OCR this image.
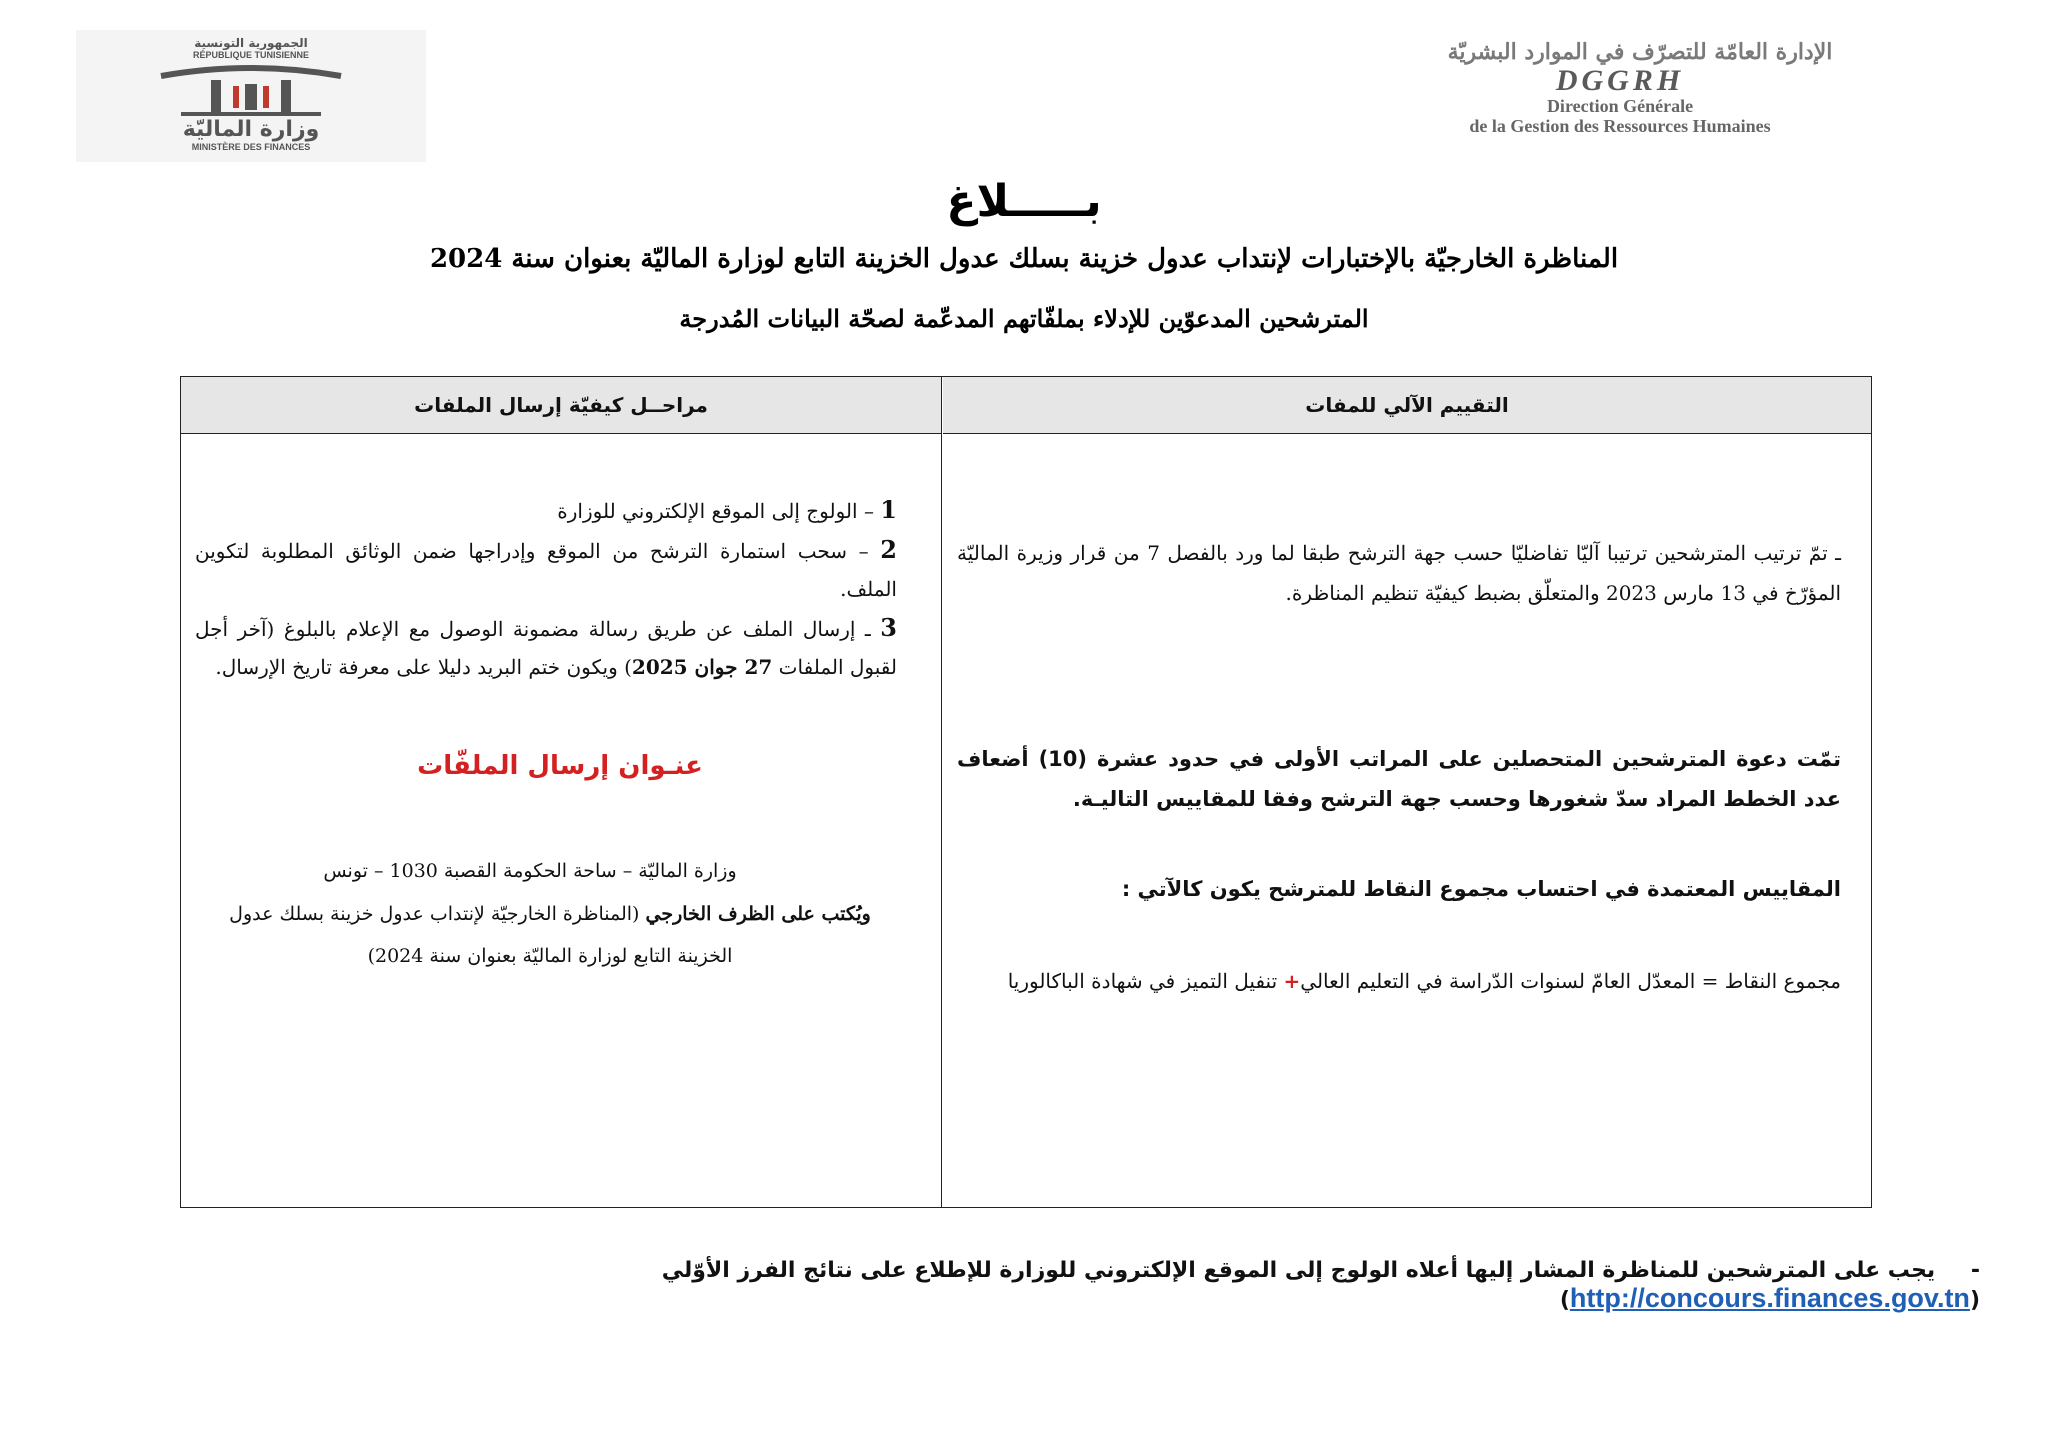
الجمهورية التونسية
RÉPUBLIQUE TUNISIENNE
وزارة الماليّة
MINISTÈRE DES FINANCES
الإدارة العامّة للتصرّف في الموارد البشريّة
DGGRH
Direction Générale
de la Gestion des Ressources Humaines
بـــــلاغ
المناظرة الخارجيّة بالإختبارات لإنتداب عدول خزينة بسلك عدول الخزينة التابع لوزارة الماليّة بعنوان سنة 2024
المترشحين المدعوّين للإدلاء بملفّاتهم المدعّمة لصحّة البيانات المُدرجة
مراحــل كيفيّة إرسال الملفات	التقييم الآلي للمفات
1 – الولوج إلى الموقع الإلكتروني للوزارة
2 – سحب استمارة الترشح من الموقع وإدراجها ضمن الوثائق المطلوبة لتكوين الملف.
3 ـ إرسال الملف عن طريق رسالة مضمونة الوصول مع الإعلام بالبلوغ (آخر أجل لقبول الملفات 27 جوان 2025) ويكون ختم البريد دليلا على معرفة تاريخ الإرسال.
عنـوان إرسال الملفّات
وزارة الماليّة – ساحة الحكومة القصبة 1030 – تونس
ويُكتب على الظرف الخارجي (المناظرة الخارجيّة لإنتداب عدول خزينة بسلك عدول الخزينة التابع لوزارة الماليّة بعنوان سنة 2024)
ـ تمّ ترتيب المترشحين ترتيبا آليّا تفاضليّا حسب جهة الترشح طبقا لما ورد بالفصل 7 من قرار وزيرة الماليّة المؤرّخ في 13 مارس 2023 والمتعلّق بضبط كيفيّة تنظيم المناظرة.
تمّت دعوة المترشحين المتحصلين على المراتب الأولى في حدود عشرة (10) أضعاف عدد الخطط المراد سدّ شغورها وحسب جهة الترشح وفقا للمقاييس التاليـة.
المقاييس المعتمدة في احتساب مجموع النقاط للمترشح يكون كالآتي :
مجموع النقاط = المعدّل العامّ لسنوات الدّراسة في التعليم العالي+ تنفيل التميز في شهادة الباكالوريا
- يجب على المترشحين للمناظرة المشار إليها أعلاه الولوج إلى الموقع الإلكتروني للوزارة للإطلاع على نتائج الفرز الأوّلي (http://concours.finances.gov.tn)
